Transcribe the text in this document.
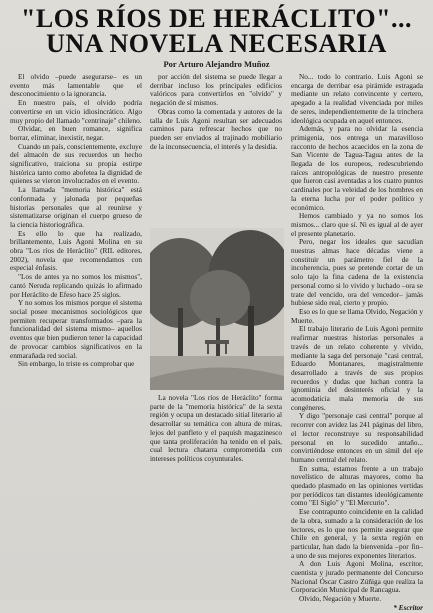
"LOS RÍOS DE HERÁCLITO"...
UNA NOVELA NECESARIA
Por Arturo Alejandro Muñoz

El olvido –puede asegurarse– es un evento más lamentable que el desconocimiento o la ignorancia.

En nuestro país, el olvido podría convertirse en un vicio idiosincrático. Algo muy propio del llamado "centrinaje" chileno.

Olvidar, en buen romance, significa borrar, eliminar, inexistir, negar.

Cuando un país, conscientemente, excluye del almacén de sus recuerdos un hecho significativo, traiciona su propia estirpe histórica tanto como abofetea la dignidad de quienes se vieron involucrados en el evento.

La llamada "memoria histórica" está conformada y jalonada por pequeñas historias personales que al reunirse y sistematizarse originan el cuerpo grueso de la ciencia historiográfica.

Es ello lo que ha realizado, brillantemente, Luis Agoni Molina en su obra "Los ríos de Heráclito" (RIL editores, 2002), novela que recomendamos con especial énfasis.

"Los de antes ya no somos los mismos", cantó Neruda replicando quizás lo afirmado por Heráclito de Efeso hace 25 siglos.

Y no somos los mismos porque el sistema social posee mecanismos sociológicos que permiten recuperar transformados –para la funcionalidad del sistema mismo– aquellos eventos que bien pudieron tener la capacidad de provocar cambios significativos en la enmarañada red social.

Sin embargo, lo triste es comprobar que

por acción del sistema se puede llegar a derribar incluso los principales edificios valóricos para convertirlos en "olvido" y negación de sí mismos.

Obras como la comentada y autores de la talla de Luis Agoni resultan ser adecuados caminos para refrescar hechos que no pueden ser enviados al trajinado mobiliario de la inconsecuencia, el interés y la desidia.

La novela "Los ríos de Heráclito" forma parte de la "memoria histórica" de la sexta región y ocupa un destacado sitial literario al desarrollar su temática con altura de miras, lejos del panfleto y el paquish magazinesco que tanta proliferación ha tenido en el país, cual lectura chatarra comprometida con intereses políticos coyunturales.

No... todo lo contrario. Luis Agoni se encarga de derribar esa pirámide estragada mediante un relato convincente y certero, apegado a la realidad vivenciada por miles de seres, independientemente de la trinchera ideológica ocupada en aquel entonces.

Además, y para no olvidar la esencia primigenia, nos entrega un maravilloso racconto de hechos acaecidos en la zona de San Vicente de Tagua-Tagua antes de la llegada de los europeos, redescubriendo raíces antropológicas de nuestro presente que fueron casi aventadas a los cuatro puntos cardinales por la veleidad de los hombres en la eterna lucha por el poder político y económico.

Hemos cambiado y ya no somos los mismos... claro que sí. Ni es igual al de ayer el presente planetario.

Pero, negar los ideales que sacudían nuestras almas hace décadas viene a constituir un parámetro fiel de la incoherencia, pues se pretende cortar de un solo tajo la fina cadena de la existencia personal como si lo vivido y luchado –ora se trate del vencido, ora del vencedor– jamás hubiese sido real, cierto y propio.

Eso es lo que se llama Olvido, Negación y Muerte.

El trabajo literario de Luis Agoni permite reafirmar nuestras historias personales a través de un relato coherente y vívido, mediante la saga del personaje "casi central, Eduardo Montanares, magistralmente desarrollado a través de sus propios recuerdos y dudas que luchan contra la ignominia del desinterés oficial y la acomodaticia mala memoria de sus congéneres.

Y digo "personaje casi central" porque al recorrer con avidez las 241 páginas del libro, el lector reconstruye su responsabilidad personal en lo sucedido antaño... convirtiéndose entonces en un símil del eje humano central del relato.

En suma, estamos frente a un trabajo novelístico de alturas mayores, como ha quedado plasmado en las opiniones vertidas por periódicos tan distantes ideológicamente como "El Siglo" y "El Mercurio".

Ese contrapunto coincidente en la calidad de la obra, sumado a la consideración de los lectores, es lo que nos permite asegurar que Chile en general, y la sexta región en particular, han dado la bienvenida –por fin– a uno de sus mejores exponentes literarios.

A don Luis Agoni Molina, escritor, cuentista y jurado permanente del Concurso Nacional Óscar Castro Zúñiga que realiza la Corporación Municipal de Rancagua.

Olvido, Negación y Muerte.

* Escritor
